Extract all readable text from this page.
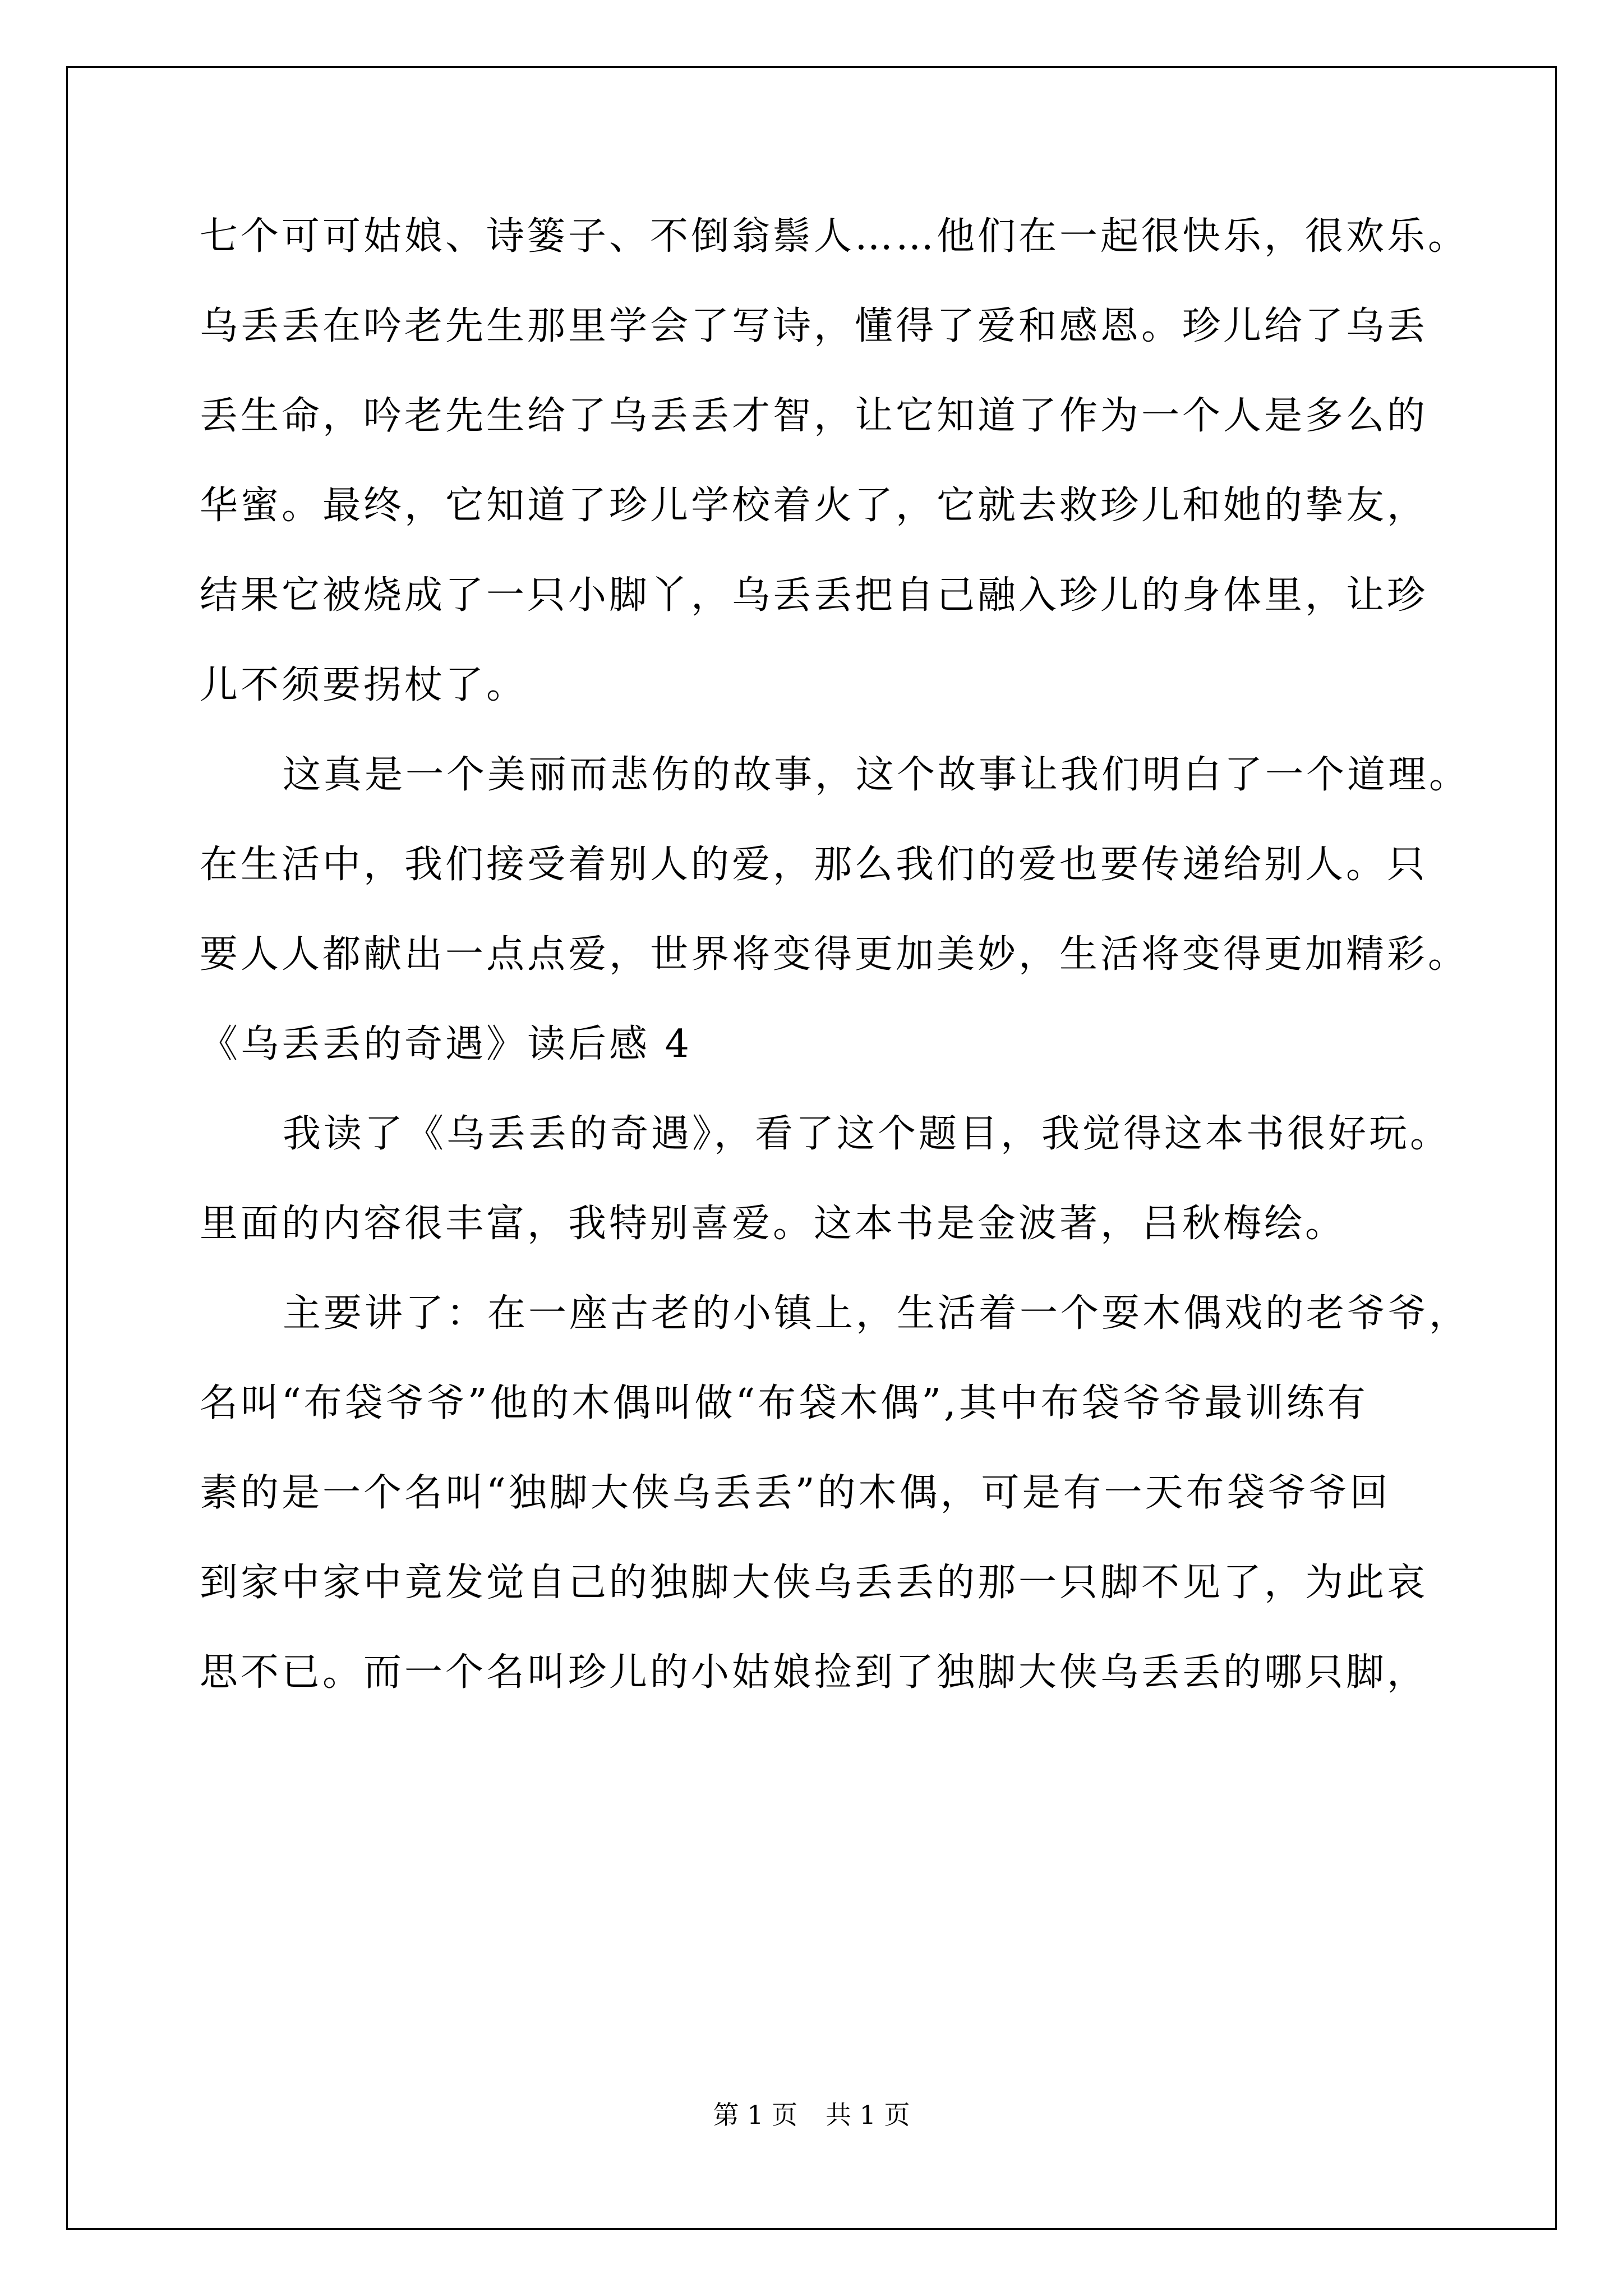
七个可可姑娘、诗篓子、不倒翁鬃人……他们在一起很快乐，很欢乐。
乌丢丢在吟老先生那里学会了写诗，懂得了爱和感恩。珍儿给了乌丢
丢生命，吟老先生给了乌丢丢才智，让它知道了作为一个人是多么的
华蜜。最终，它知道了珍儿学校着火了，它就去救珍儿和她的挚友，
结果它被烧成了一只小脚丫，乌丢丢把自己融入珍儿的身体里，让珍
儿不须要拐杖了。
这真是一个美丽而悲伤的故事，这个故事让我们明白了一个道理。
在生活中，我们接受着别人的爱，那么我们的爱也要传递给别人。只
要人人都献出一点点爱，世界将变得更加美妙，生活将变得更加精彩。
《乌丢丢的奇遇》读后感 4
我读了《乌丢丢的奇遇》，看了这个题目，我觉得这本书很好玩。
里面的内容很丰富，我特别喜爱。这本书是金波著，吕秋梅绘。
主要讲了：在一座古老的小镇上，生活着一个耍木偶戏的老爷爷，
名叫“布袋爷爷”他的木偶叫做“布袋木偶”,其中布袋爷爷最训练有
素的是一个名叫“独脚大侠乌丢丢”的木偶，可是有一天布袋爷爷回
到家中家中竟发觉自己的独脚大侠乌丢丢的那一只脚不见了，为此哀
思不已。而一个名叫珍儿的小姑娘捡到了独脚大侠乌丢丢的哪只脚，
第 1 页 共 1 页
